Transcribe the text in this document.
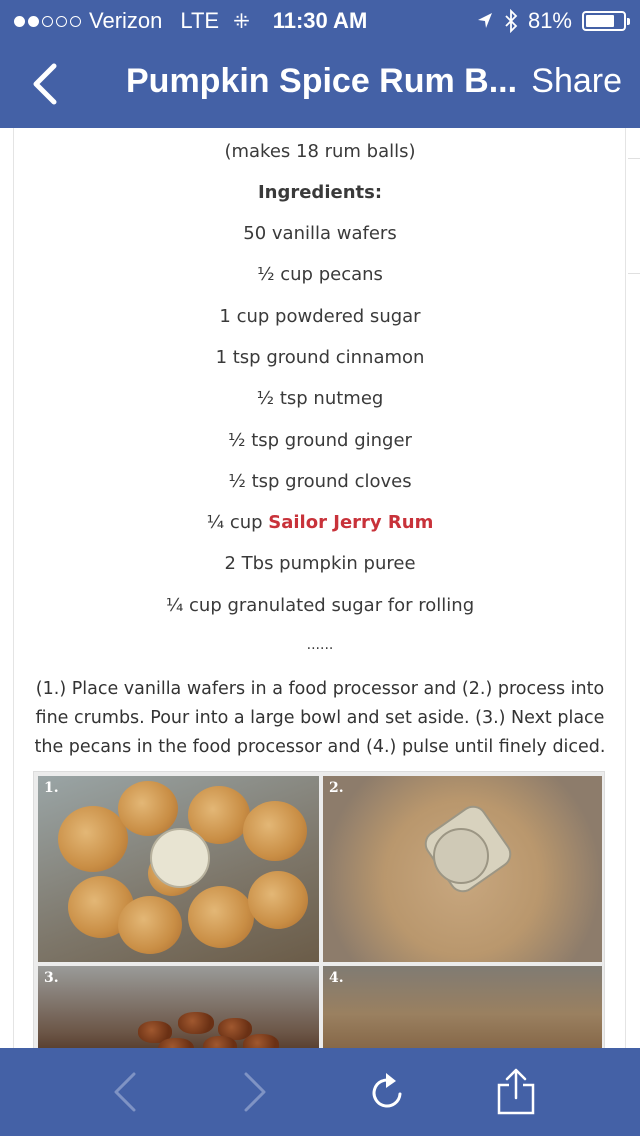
Verizon LTE ⁜	11:30 AM	81%
Pumpkin Spice Rum B... Share
(makes 18 rum balls)
Ingredients:
50 vanilla wafers
½ cup pecans
1 cup powdered sugar
1 tsp ground cinnamon
½ tsp nutmeg
½ tsp ground ginger
½ tsp ground cloves
¼ cup Sailor Jerry Rum
2 Tbs pumpkin puree
¼ cup granulated sugar for rolling
......
(1.) Place vanilla wafers in a food processor and (2.) process into fine crumbs. Pour into a large bowl and set aside. (3.) Next place the pecans in the food processor and (4.) pulse until finely diced.
1.	2.
3.	4.
